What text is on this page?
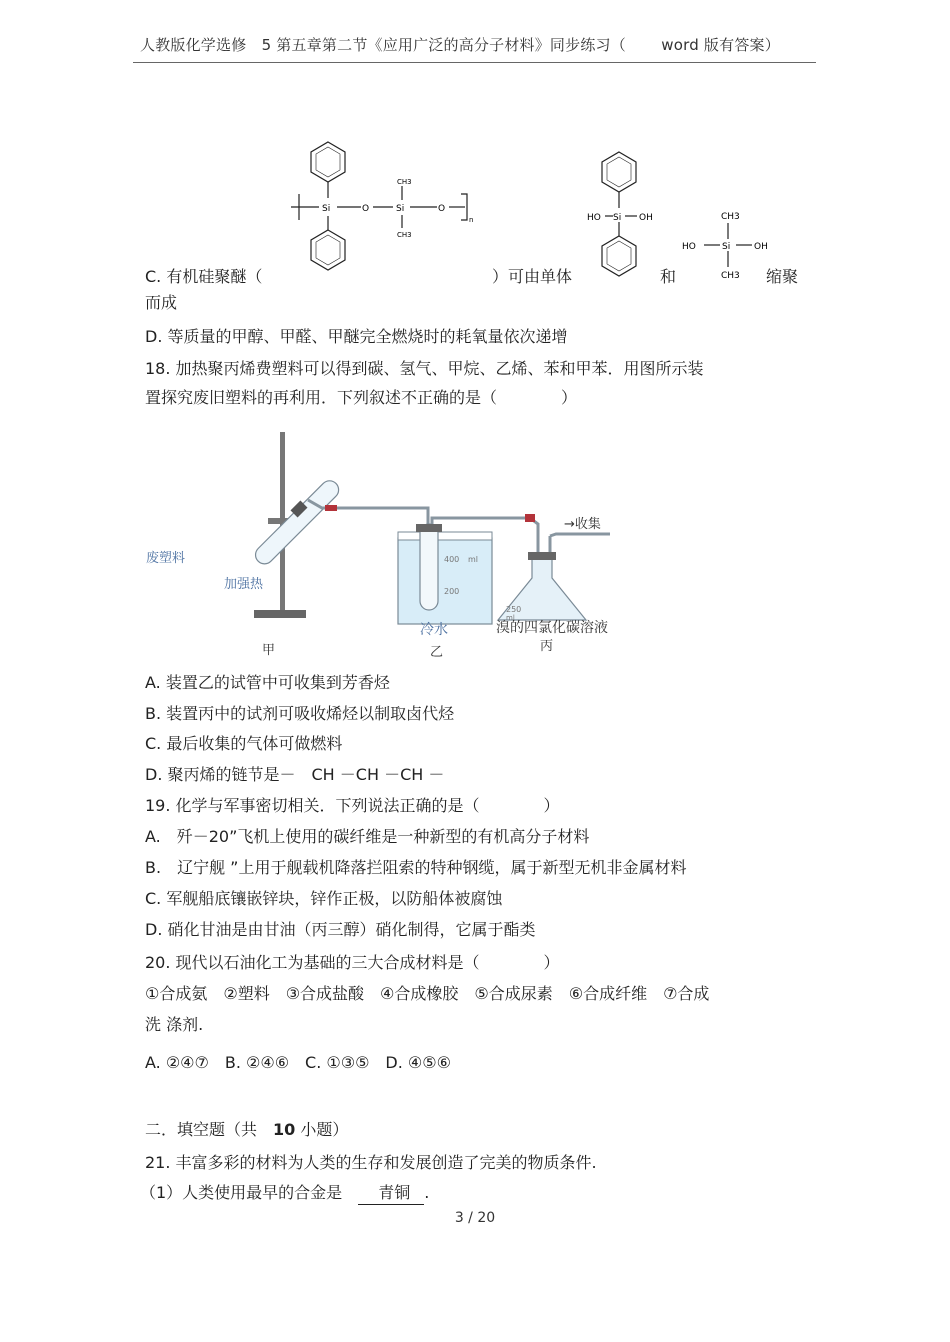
人教版化学选修　5 第五章第二节《应用广泛的高分子材料》同步练习（　　 word 版有答案）
Si	O	Si	O
CH3
CH3
n	HO Si OH	CH3
HO	Si	OH
CH3
C. 有机硅聚醚（	）可由单体	和	缩聚
而成
D. 等质量的甲醇、甲醛、甲醚完全燃烧时的耗氧量依次递增
18. 加热聚丙烯费塑料可以得到碳、氢气、甲烷、乙烯、苯和甲苯．用图所示装
置探究废旧塑料的再利用．下列叙述不正确的是（　　　　）
废塑料
加强热
→收集
400 ml
200
250
ml
冷水	溴的四氯化碳溶液
甲	乙	丙
A. 装置乙的试管中可收集到芳香烃
B. 装置丙中的试剂可吸收烯烃以制取卤代烃
C. 最后收集的气体可做燃料
D. 聚丙烯的链节是－　CH －CH －CH －
19. 化学与军事密切相关．下列说法正确的是（　　　　）
A.　歼－20”飞机上使用的碳纤维是一种新型的有机高分子材料
B.　辽宁舰 ”上用于舰载机降落拦阻索的特种钢缆，属于新型无机非金属材料
C. 军舰船底镶嵌锌块，锌作正极，以防船体被腐蚀
D. 硝化甘油是由甘油（丙三醇）硝化制得，它属于酯类
20. 现代以石油化工为基础的三大合成材料是（　　　　）
①合成氨　②塑料　③合成盐酸　④合成橡胶　⑤合成尿素　⑥合成纤维　⑦合成
洗 涤剂.
A. ②④⑦　B. ②④⑥　C. ①③⑤　D. ④⑤⑥
二．填空题（共　10 小题）
21. 丰富多彩的材料为人类的生存和发展创造了完美的物质条件.
（1）人类使用最早的合金是　青铜 .
3 / 20
